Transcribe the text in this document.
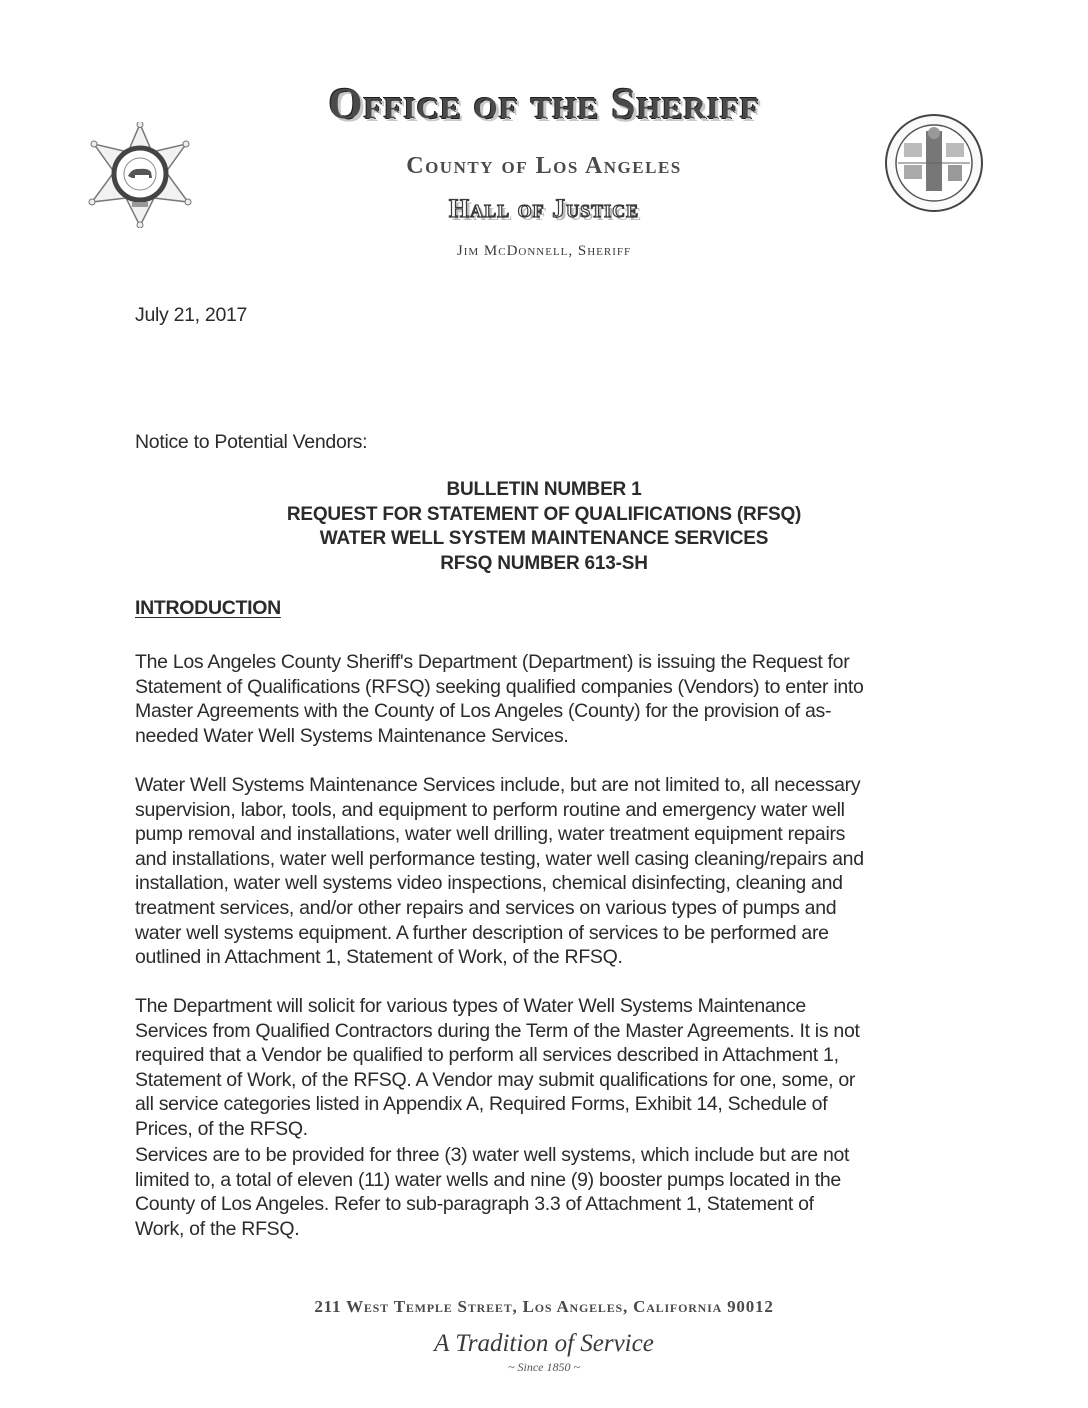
Office of the Sheriff
County of Los Angeles
Hall of Justice
Jim McDonnell, Sheriff
July 21, 2017
Notice to Potential Vendors:
BULLETIN NUMBER 1
REQUEST FOR STATEMENT OF QUALIFICATIONS (RFSQ)
WATER WELL SYSTEM MAINTENANCE SERVICES
RFSQ NUMBER 613-SH
INTRODUCTION
The Los Angeles County Sheriff's Department (Department) is issuing the Request for
Statement of Qualifications (RFSQ) seeking qualified companies (Vendors) to enter into
Master Agreements with the County of Los Angeles (County) for the provision of as-
needed Water Well Systems Maintenance Services.
Water Well Systems Maintenance Services include, but are not limited to, all necessary
supervision, labor, tools, and equipment to perform routine and emergency water well
pump removal and installations, water well drilling, water treatment equipment repairs
and installations, water well performance testing, water well casing cleaning/repairs and
installation, water well systems video inspections, chemical disinfecting, cleaning and
treatment services, and/or other repairs and services on various types of pumps and
water well systems equipment. A further description of services to be performed are
outlined in Attachment 1, Statement of Work, of the RFSQ.
The Department will solicit for various types of Water Well Systems Maintenance
Services from Qualified Contractors during the Term of the Master Agreements. It is not
required that a Vendor be qualified to perform all services described in Attachment 1,
Statement of Work, of the RFSQ. A Vendor may submit qualifications for one, some, or
all service categories listed in Appendix A, Required Forms, Exhibit 14, Schedule of
Prices, of the RFSQ.
Services are to be provided for three (3) water well systems, which include but are not
limited to, a total of eleven (11) water wells and nine (9) booster pumps located in the
County of Los Angeles. Refer to sub-paragraph 3.3 of Attachment 1, Statement of
Work, of the RFSQ.
211 West Temple Street, Los Angeles, California 90012
A Tradition of Service
~ Since 1850 ~
